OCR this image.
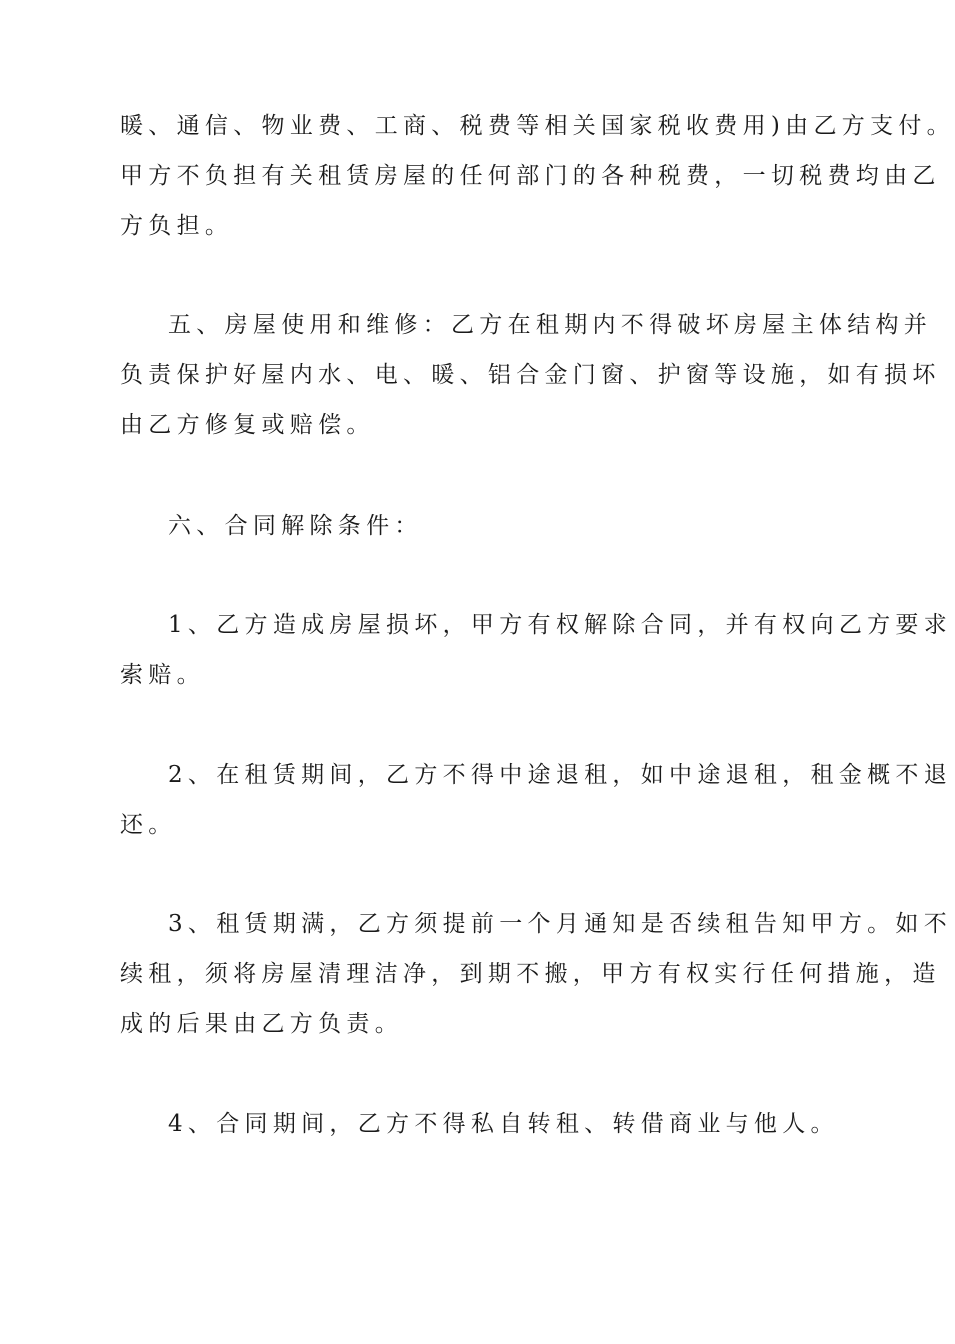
暖、通信、物业费、工商、税费等相关国家税收费用)由乙方支付。
甲方不负担有关租赁房屋的任何部门的各种税费，一切税费均由乙
方负担。
五、房屋使用和维修：乙方在租期内不得破坏房屋主体结构并
负责保护好屋内水、电、暖、铝合金门窗、护窗等设施，如有损坏
由乙方修复或赔偿。
六、合同解除条件：
1、乙方造成房屋损坏，甲方有权解除合同，并有权向乙方要求
索赔。
2、在租赁期间，乙方不得中途退租，如中途退租，租金概不退
还。
3、租赁期满，乙方须提前一个月通知是否续租告知甲方。如不
续租，须将房屋清理洁净，到期不搬，甲方有权实行任何措施，造
成的后果由乙方负责。
4、合同期间，乙方不得私自转租、转借商业与他人。
